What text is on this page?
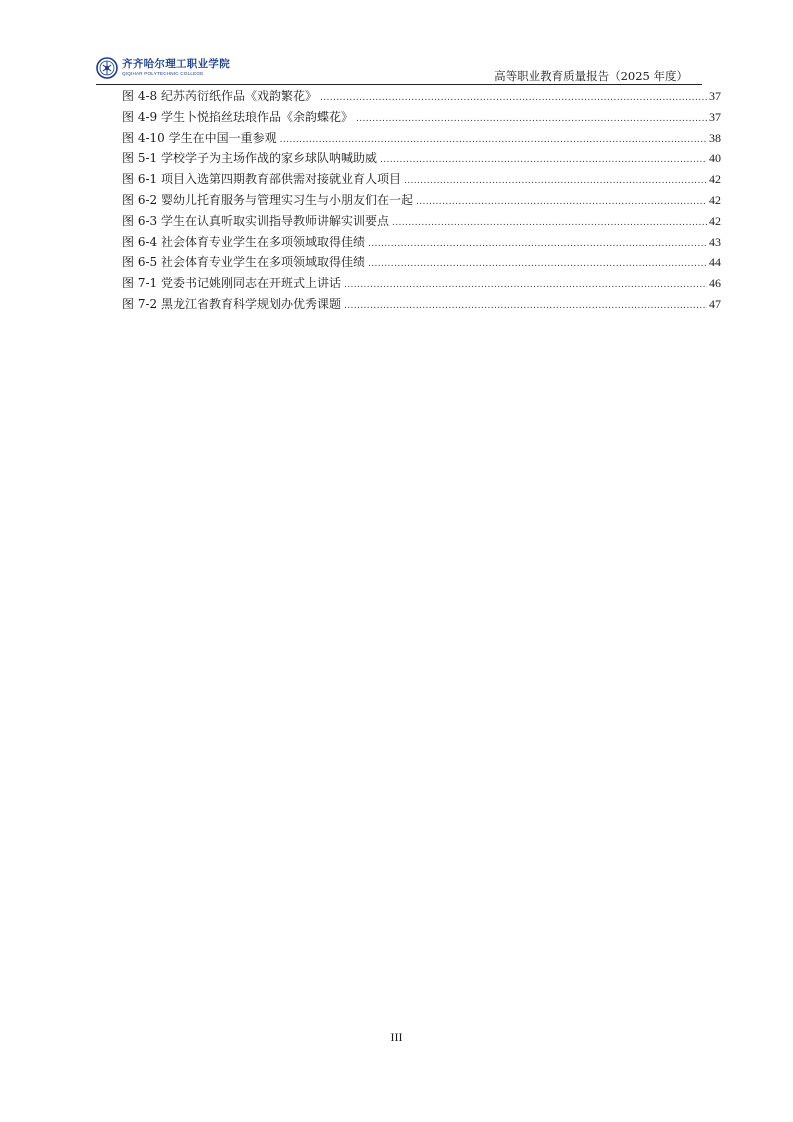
齐齐哈尔理工职业学院
QIQIHAR POLYTECHNIC COLLEGE	高等职业教育质量报告（2025 年度）
图 4-8 纪苏芮衍纸作品《戏韵繁花》 .....	37
图 4-9 学生卜悦掐丝珐琅作品《余韵蝶花》 .....	37
图 4-10 学生在中国一重参观 .....	38
图 5-1 学校学子为主场作战的家乡球队呐喊助威 .....	40
图 6-1 项目入选第四期教育部供需对接就业育人项目 .....	42
图 6-2 婴幼儿托育服务与管理实习生与小朋友们在一起 .....	42
图 6-3 学生在认真听取实训指导教师讲解实训要点 .....	42
图 6-4 社会体育专业学生在多项领域取得佳绩 .....	43
图 6-5 社会体育专业学生在多项领域取得佳绩 .....	44
图 7-1 党委书记姚刚同志在开班式上讲话 .....	46
图 7-2 黑龙江省教育科学规划办优秀课题 .....	47
III
